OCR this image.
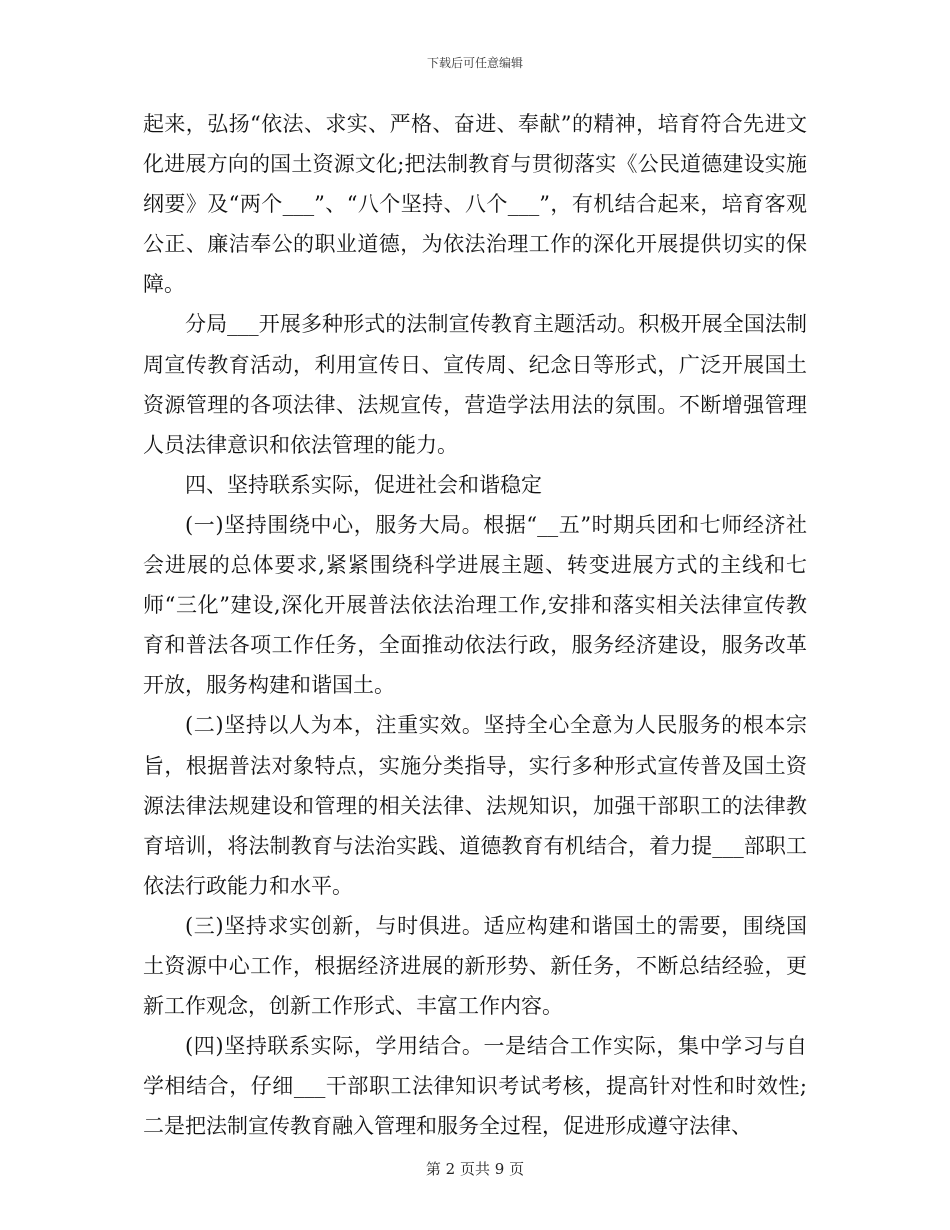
下载后可任意编辑

起来，弘扬“依法、求实、严格、奋进、奉献”的精神，培育符合先进文化进展方向的国土资源文化;把法制教育与贯彻落实《公民道德建设实施纲要》及“两个___”、“八个坚持、八个___”，有机结合起来，培育客观公正、廉洁奉公的职业道德，为依法治理工作的深化开展提供切实的保障。

分局___开展多种形式的法制宣传教育主题活动。积极开展全国法制周宣传教育活动，利用宣传日、宣传周、纪念日等形式，广泛开展国土资源管理的各项法律、法规宣传，营造学法用法的氛围。不断增强管理人员法律意识和依法管理的能力。

四、坚持联系实际，促进社会和谐稳定

(一)坚持围绕中心，服务大局。根据“__五”时期兵团和七师经济社会进展的总体要求,紧紧围绕科学进展主题、转变进展方式的主线和七师“三化”建设,深化开展普法依法治理工作,安排和落实相关法律宣传教育和普法各项工作任务，全面推动依法行政，服务经济建设，服务改革开放，服务构建和谐国土。

(二)坚持以人为本，注重实效。坚持全心全意为人民服务的根本宗旨，根据普法对象特点，实施分类指导，实行多种形式宣传普及国土资源法律法规建设和管理的相关法律、法规知识，加强干部职工的法律教育培训，将法制教育与法治实践、道德教育有机结合，着力提___部职工依法行政能力和水平。

(三)坚持求实创新，与时俱进。适应构建和谐国土的需要，围绕国土资源中心工作，根据经济进展的新形势、新任务，不断总结经验，更新工作观念，创新工作形式、丰富工作内容。

(四)坚持联系实际，学用结合。一是结合工作实际，集中学习与自学相结合，仔细___干部职工法律知识考试考核，提高针对性和时效性;二是把法制宣传教育融入管理和服务全过程，促进形成遵守法律、

第 2 页共 9 页
